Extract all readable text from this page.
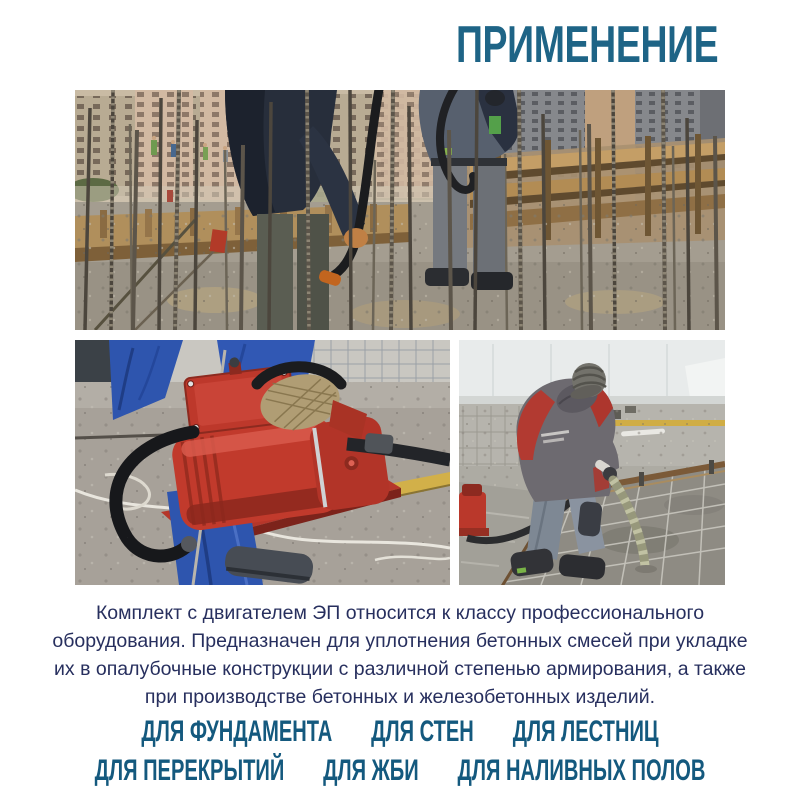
ПРИМЕНЕНИЕ
Комплект с двигателем ЭП относится к классу профессионального
оборудования. Предназначен для уплотнения бетонных смесей при укладке
их в опалубочные конструкции с различной степенью армирования, а также
при производстве бетонных и железобетонных изделий.
ДЛЯ ФУНДАМЕНТА ДЛЯ СТЕН ДЛЯ ЛЕСТНИЦ
ДЛЯ ПЕРЕКРЫТИЙ ДЛЯ ЖБИ ДЛЯ НАЛИВНЫХ ПОЛОВ
